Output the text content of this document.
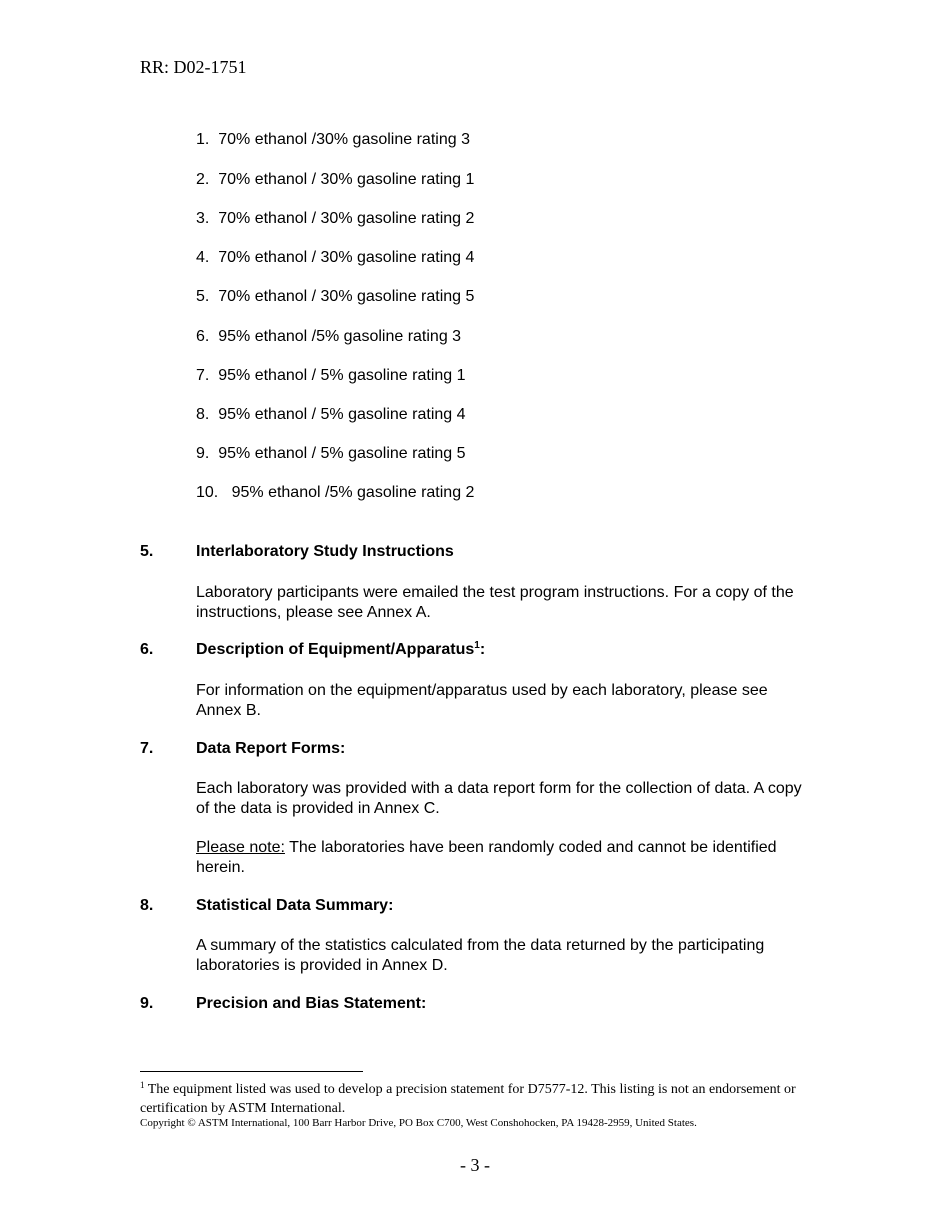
RR: D02-1751
1. 70% ethanol /30% gasoline rating 3
2. 70% ethanol / 30% gasoline rating 1
3. 70% ethanol / 30% gasoline rating 2
4. 70% ethanol / 30% gasoline rating 4
5. 70% ethanol / 30% gasoline rating 5
6. 95% ethanol /5% gasoline rating 3
7. 95% ethanol / 5% gasoline rating 1
8. 95% ethanol / 5% gasoline rating 4
9. 95% ethanol / 5% gasoline rating 5
10. 95% ethanol /5% gasoline rating 2
5.	Interlaboratory Study Instructions
Laboratory participants were emailed the test program instructions. For a copy of the instructions, please see Annex A.
6.	Description of Equipment/Apparatus$^1$:
For information on the equipment/apparatus used by each laboratory, please see Annex B.
7.	Data Report Forms:
Each laboratory was provided with a data report form for the collection of data. A copy of the data is provided in Annex C.
Please note: The laboratories have been randomly coded and cannot be identified herein.
8.	Statistical Data Summary:
A summary of the statistics calculated from the data returned by the participating laboratories is provided in Annex D.
9.	Precision and Bias Statement:
$^1$ The equipment listed was used to develop a precision statement for D7577-12. This listing is not an endorsement or certification by ASTM International.
Copyright © ASTM International, 100 Barr Harbor Drive, PO Box C700, West Conshohocken, PA 19428-2959, United States.
- 3 -
